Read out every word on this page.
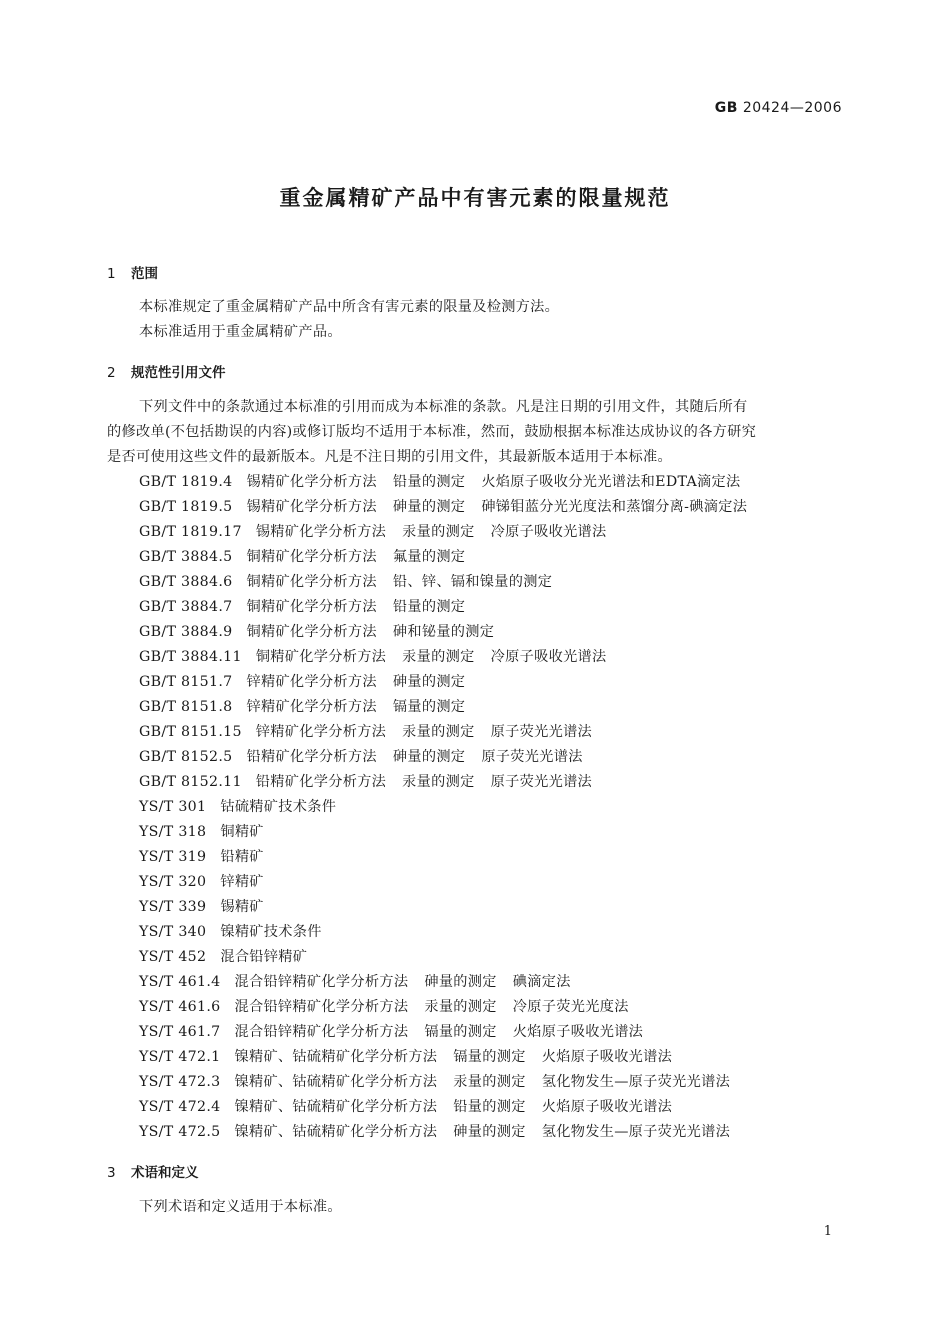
GB 20424—2006
重金属精矿产品中有害元素的限量规范
1 范围
本标准规定了重金属精矿产品中所含有害元素的限量及检测方法。
本标准适用于重金属精矿产品。
2 规范性引用文件
下列文件中的条款通过本标准的引用而成为本标准的条款。凡是注日期的引用文件，其随后所有
的修改单(不包括勘误的内容)或修订版均不适用于本标准，然而，鼓励根据本标准达成协议的各方研究
是否可使用这些文件的最新版本。凡是不注日期的引用文件，其最新版本适用于本标准。
GB/T 1819.4 锡精矿化学分析方法 铅量的测定 火焰原子吸收分光光谱法和EDTA滴定法
GB/T 1819.5 锡精矿化学分析方法 砷量的测定 砷锑钼蓝分光光度法和蒸馏分离-碘滴定法
GB/T 1819.17 锡精矿化学分析方法 汞量的测定 冷原子吸收光谱法
GB/T 3884.5 铜精矿化学分析方法 氟量的测定
GB/T 3884.6 铜精矿化学分析方法 铅、锌、镉和镍量的测定
GB/T 3884.7 铜精矿化学分析方法 铅量的测定
GB/T 3884.9 铜精矿化学分析方法 砷和铋量的测定
GB/T 3884.11 铜精矿化学分析方法 汞量的测定 冷原子吸收光谱法
GB/T 8151.7 锌精矿化学分析方法 砷量的测定
GB/T 8151.8 锌精矿化学分析方法 镉量的测定
GB/T 8151.15 锌精矿化学分析方法 汞量的测定 原子荧光光谱法
GB/T 8152.5 铅精矿化学分析方法 砷量的测定 原子荧光光谱法
GB/T 8152.11 铅精矿化学分析方法 汞量的测定 原子荧光光谱法
YS/T 301 钴硫精矿技术条件
YS/T 318 铜精矿
YS/T 319 铅精矿
YS/T 320 锌精矿
YS/T 339 锡精矿
YS/T 340 镍精矿技术条件
YS/T 452 混合铅锌精矿
YS/T 461.4 混合铅锌精矿化学分析方法 砷量的测定 碘滴定法
YS/T 461.6 混合铅锌精矿化学分析方法 汞量的测定 冷原子荧光光度法
YS/T 461.7 混合铅锌精矿化学分析方法 镉量的测定 火焰原子吸收光谱法
YS/T 472.1 镍精矿、钴硫精矿化学分析方法 镉量的测定 火焰原子吸收光谱法
YS/T 472.3 镍精矿、钴硫精矿化学分析方法 汞量的测定 氢化物发生—原子荧光光谱法
YS/T 472.4 镍精矿、钴硫精矿化学分析方法 铅量的测定 火焰原子吸收光谱法
YS/T 472.5 镍精矿、钴硫精矿化学分析方法 砷量的测定 氢化物发生—原子荧光光谱法
3 术语和定义
下列术语和定义适用于本标准。
1
